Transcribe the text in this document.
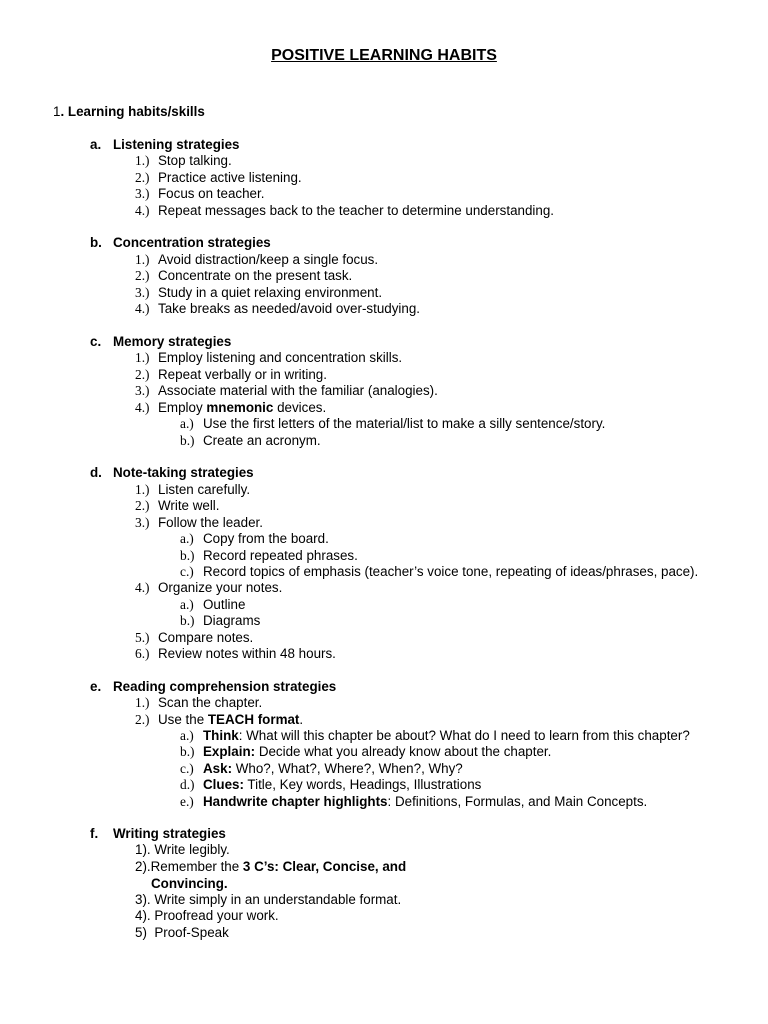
POSITIVE LEARNING HABITS
1. Learning habits/skills
a. Listening strategies
1.) Stop talking.
2.) Practice active listening.
3.) Focus on teacher.
4.) Repeat messages back to the teacher to determine understanding.
b. Concentration strategies
1.) Avoid distraction/keep a single focus.
2.) Concentrate on the present task.
3.) Study in a quiet relaxing environment.
4.) Take breaks as needed/avoid over-studying.
c. Memory strategies
1.) Employ listening and concentration skills.
2.) Repeat verbally or in writing.
3.) Associate material with the familiar (analogies).
4.) Employ mnemonic devices.
a.) Use the first letters of the material/list to make a silly sentence/story.
b.) Create an acronym.
d. Note-taking strategies
1.) Listen carefully.
2.) Write well.
3.) Follow the leader.
a.) Copy from the board.
b.) Record repeated phrases.
c.) Record topics of emphasis (teacher’s voice tone, repeating of ideas/phrases, pace).
4.) Organize your notes.
a.) Outline
b.) Diagrams
5.) Compare notes.
6.) Review notes within 48 hours.
e. Reading comprehension strategies
1.) Scan the chapter.
2.) Use the TEACH format.
a.) Think: What will this chapter be about? What do I need to learn from this chapter?
b.) Explain: Decide what you already know about the chapter.
c.) Ask: Who?, What?, Where?, When?, Why?
d.) Clues: Title, Key words, Headings, Illustrations
e.) Handwrite chapter highlights: Definitions, Formulas, and Main Concepts.
f. Writing strategies
1). Write legibly.
2).Remember the 3 C’s: Clear, Concise, and
Convincing.
3). Write simply in an understandable format.
4). Proofread your work.
5)  Proof-Speak
